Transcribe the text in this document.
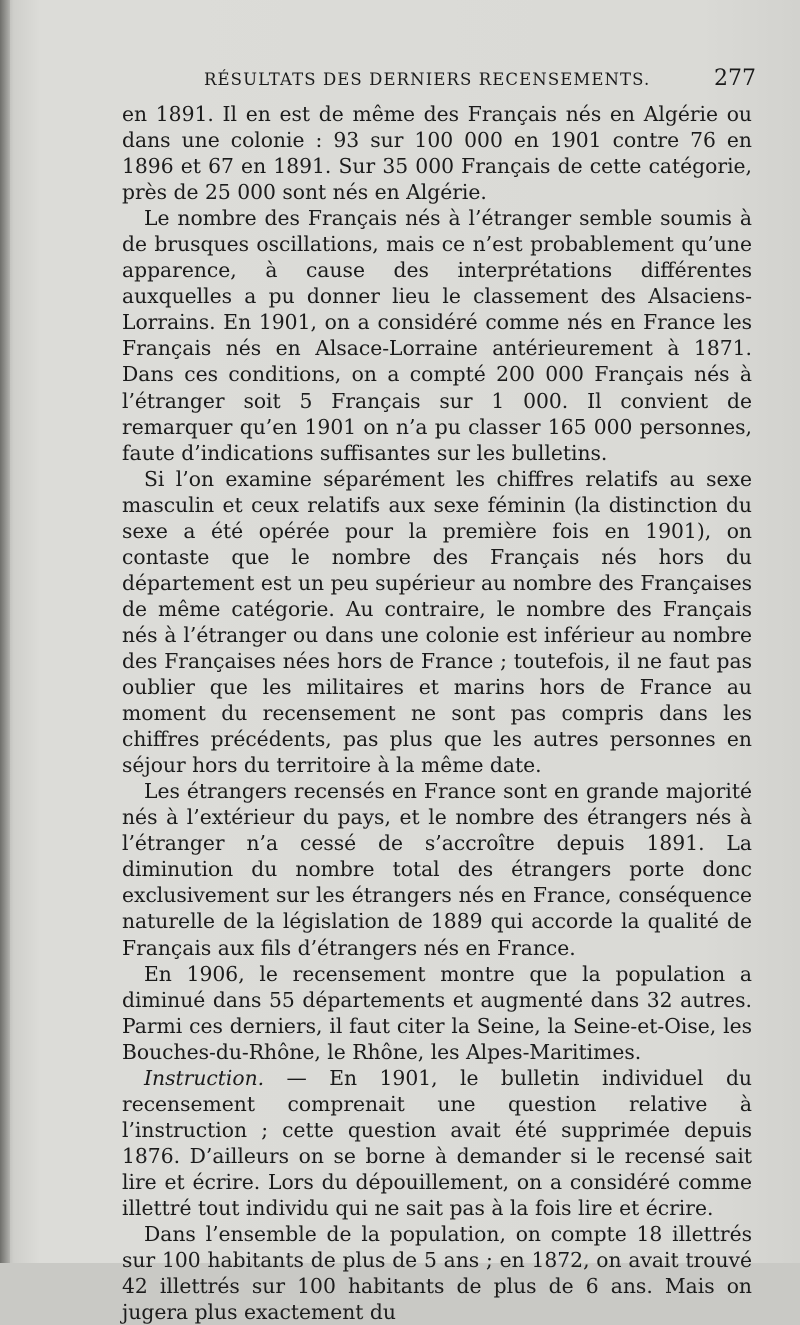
RÉSULTATS DES DERNIERS RECENSEMENTS.	277

en 1891. Il en est de même des Français nés en Algérie ou dans une colonie : 93 sur 100 000 en 1901 contre 76 en 1896 et 67 en 1891. Sur 35 000 Français de cette catégorie, près de 25 000 sont nés en Algérie.

Le nombre des Français nés à l’étranger semble soumis à de brusques oscillations, mais ce n’est probablement qu’une apparence, à cause des interprétations différentes auxquelles a pu donner lieu le classement des Alsaciens-Lorrains. En 1901, on a considéré comme nés en France les Français nés en Alsace-Lorraine antérieurement à 1871. Dans ces conditions, on a compté 200 000 Français nés à l’étranger soit 5 Français sur 1 000. Il convient de remarquer qu’en 1901 on n’a pu classer 165 000 personnes, faute d’indications suffisantes sur les bulletins.

Si l’on examine séparément les chiffres relatifs au sexe masculin et ceux relatifs aux sexe féminin (la distinction du sexe a été opérée pour la première fois en 1901), on contaste que le nombre des Français nés hors du département est un peu supérieur au nombre des Françaises de même catégorie. Au contraire, le nombre des Français nés à l’étranger ou dans une colonie est inférieur au nombre des Françaises nées hors de France ; toutefois, il ne faut pas oublier que les militaires et marins hors de France au moment du recensement ne sont pas compris dans les chiffres précédents, pas plus que les autres personnes en séjour hors du territoire à la même date.

Les étrangers recensés en France sont en grande majorité nés à l’extérieur du pays, et le nombre des étrangers nés à l’étranger n’a cessé de s’accroître depuis 1891. La diminution du nombre total des étrangers porte donc exclusivement sur les étrangers nés en France, conséquence naturelle de la législation de 1889 qui accorde la qualité de Français aux fils d’étrangers nés en France.

En 1906, le recensement montre que la population a diminué dans 55 départements et augmenté dans 32 autres. Parmi ces derniers, il faut citer la Seine, la Seine-et-Oise, les Bouches-du-Rhône, le Rhône, les Alpes-Maritimes.

Instruction. — En 1901, le bulletin individuel du recensement comprenait une question relative à l’instruction ; cette question avait été supprimée depuis 1876. D’ailleurs on se borne à demander si le recensé sait lire et écrire. Lors du dépouillement, on a considéré comme illettré tout individu qui ne sait pas à la fois lire et écrire.

Dans l’ensemble de la population, on compte 18 illettrés sur 100 habitants de plus de 5 ans ; en 1872, on avait trouvé 42 illettrés sur 100 habitants de plus de 6 ans. Mais on jugera plus exactement du
